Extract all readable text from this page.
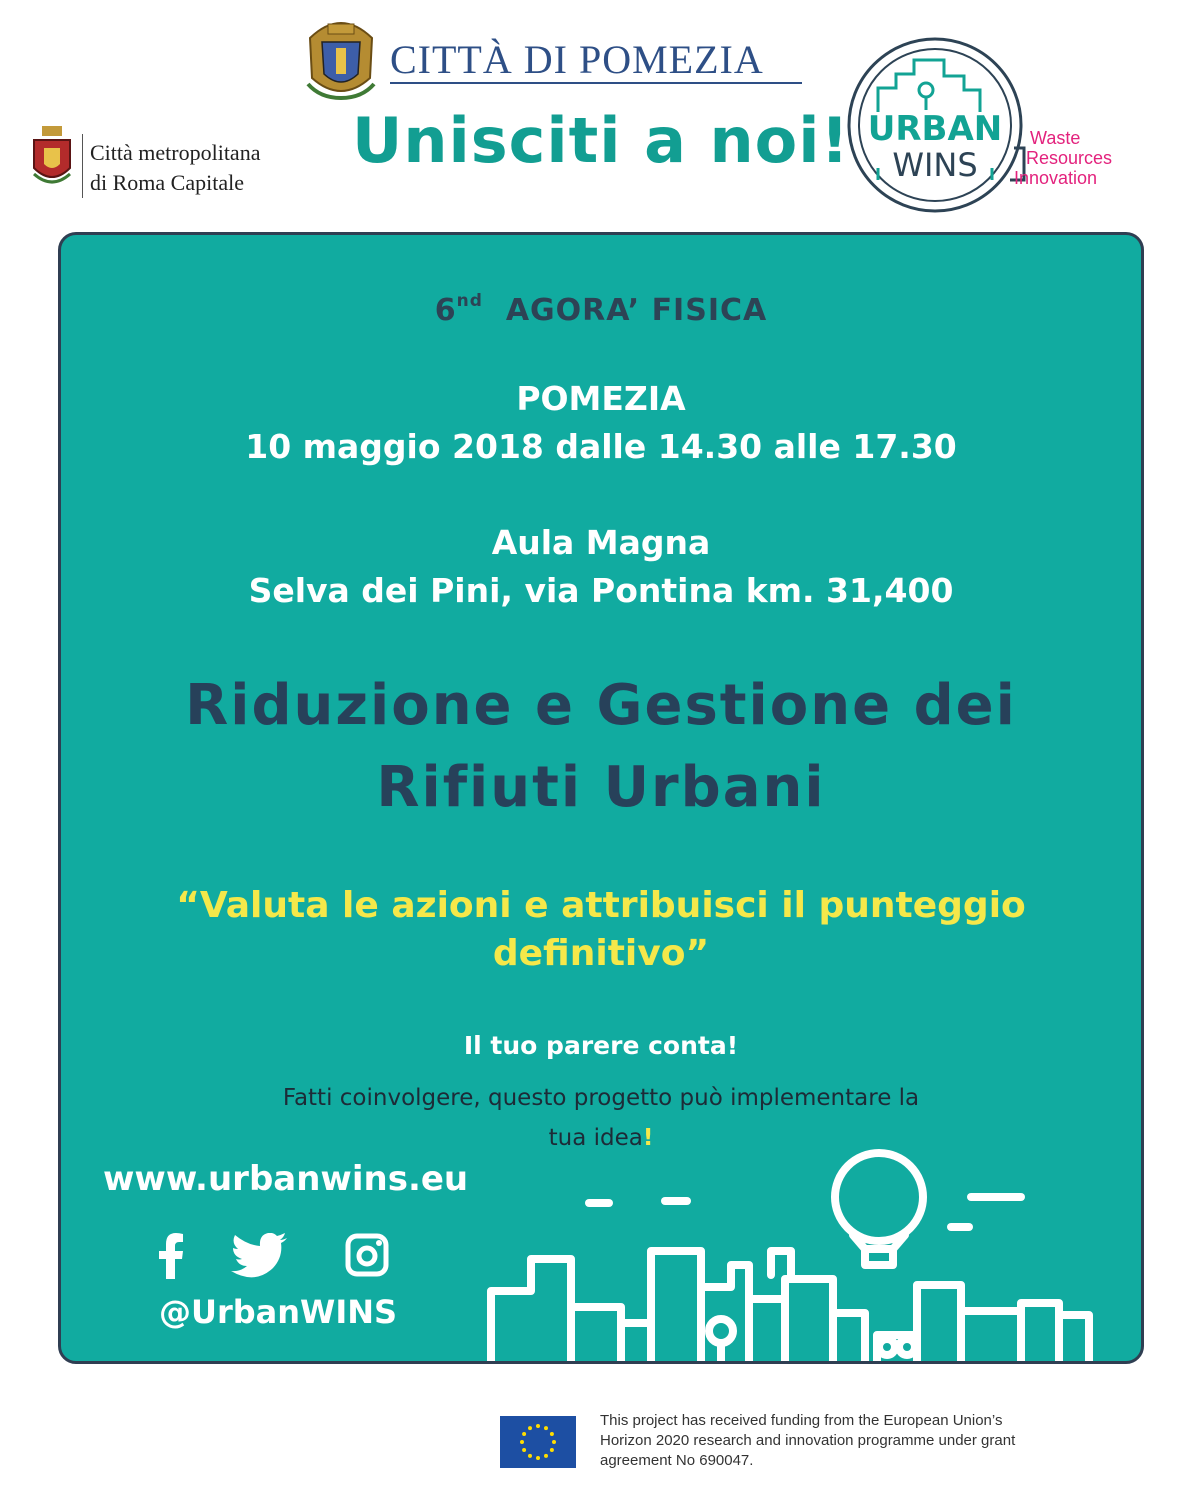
CITTÀ DI POMEZIA
Città metropolitana
di Roma Capitale
Unisciti a noi! URBAN
WINS
Waste
Resources
Innovation
6nd AGORA’ FISICA
POMEZIA
10 maggio 2018 dalle 14.30 alle 17.30
Aula Magna
Selva dei Pini, via Pontina km. 31,400
Riduzione e Gestione dei
Rifiuti Urbani
“Valuta le azioni e attribuisci il punteggio
definitivo”
Il tuo parere conta!
Fatti coinvolgere, questo progetto può implementare la
tua idea!
www.urbanwins.eu
@UrbanWINS
This project has received funding from the European Union’s
Horizon 2020 research and innovation programme under grant
agreement No 690047.
